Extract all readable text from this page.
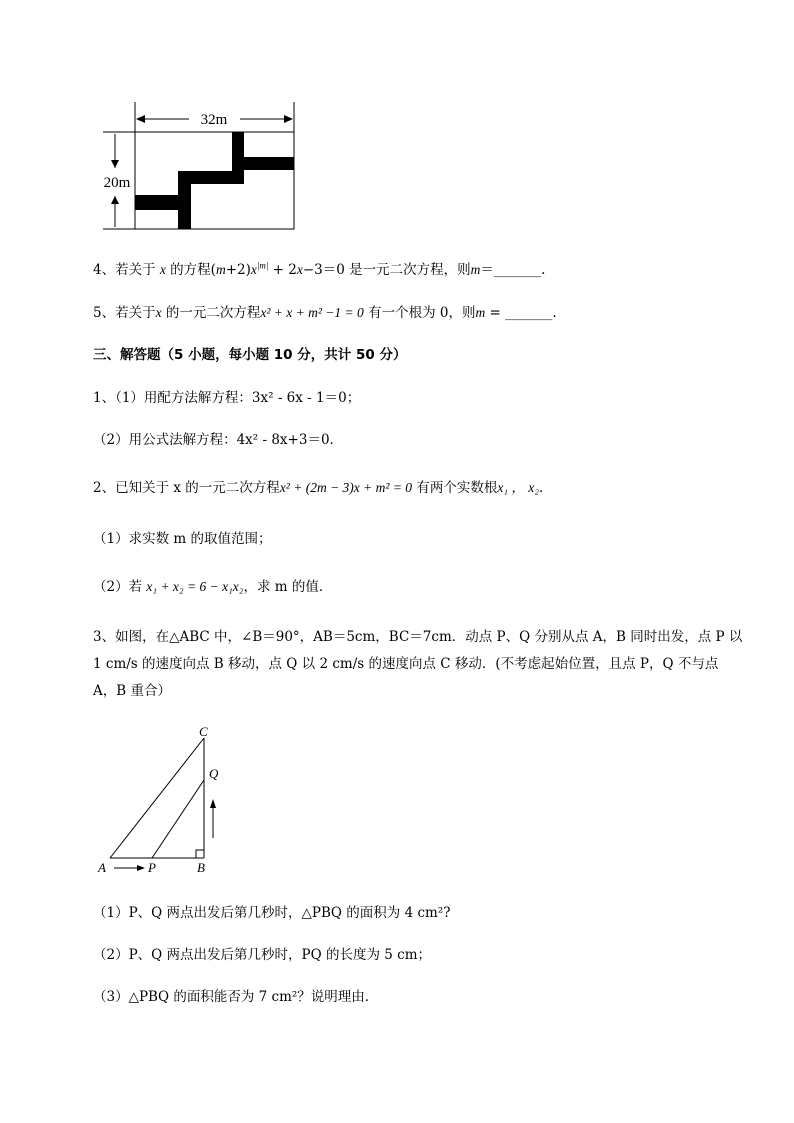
32m
20m
4、若关于 x 的方程$(m+2)x^{|m|} + 2x-3=0$ 是一元二次方程，则m＝_______.
5、若关于x 的一元二次方程x² + x + m² −1 = 0 有一个根为 0，则m = _______.
三、解答题（5 小题，每小题 10 分，共计 50 分）
1、（1）用配方法解方程：3x² - 6x - 1＝0；
（2）用公式法解方程：4x² - 8x+3＝0．
2、已知关于 x 的一元二次方程x² + (2m − 3)x + m² = 0 有两个实数根x₁ ， x₂．
（1）求实数 m 的取值范围；
（2）若 x₁ + x₂ = 6 − x₁x₂，求 m 的值．
3、如图，在△ABC 中，∠B＝90°，AB＝5cm，BC＝7cm．动点 P、Q 分别从点 A，B 同时出发，点 P 以
1 cm/s 的速度向点 B 移动，点 Q 以 2 cm/s 的速度向点 C 移动．(不考虑起始位置，且点 P，Q 不与点
A，B 重合）
A	P	B
C
Q
（1）P、Q 两点出发后第几秒时，△PBQ 的面积为 4 cm²?
（2）P、Q 两点出发后第几秒时，PQ 的长度为 5 cm；
（3）△PBQ 的面积能否为 7 cm²？说明理由．
